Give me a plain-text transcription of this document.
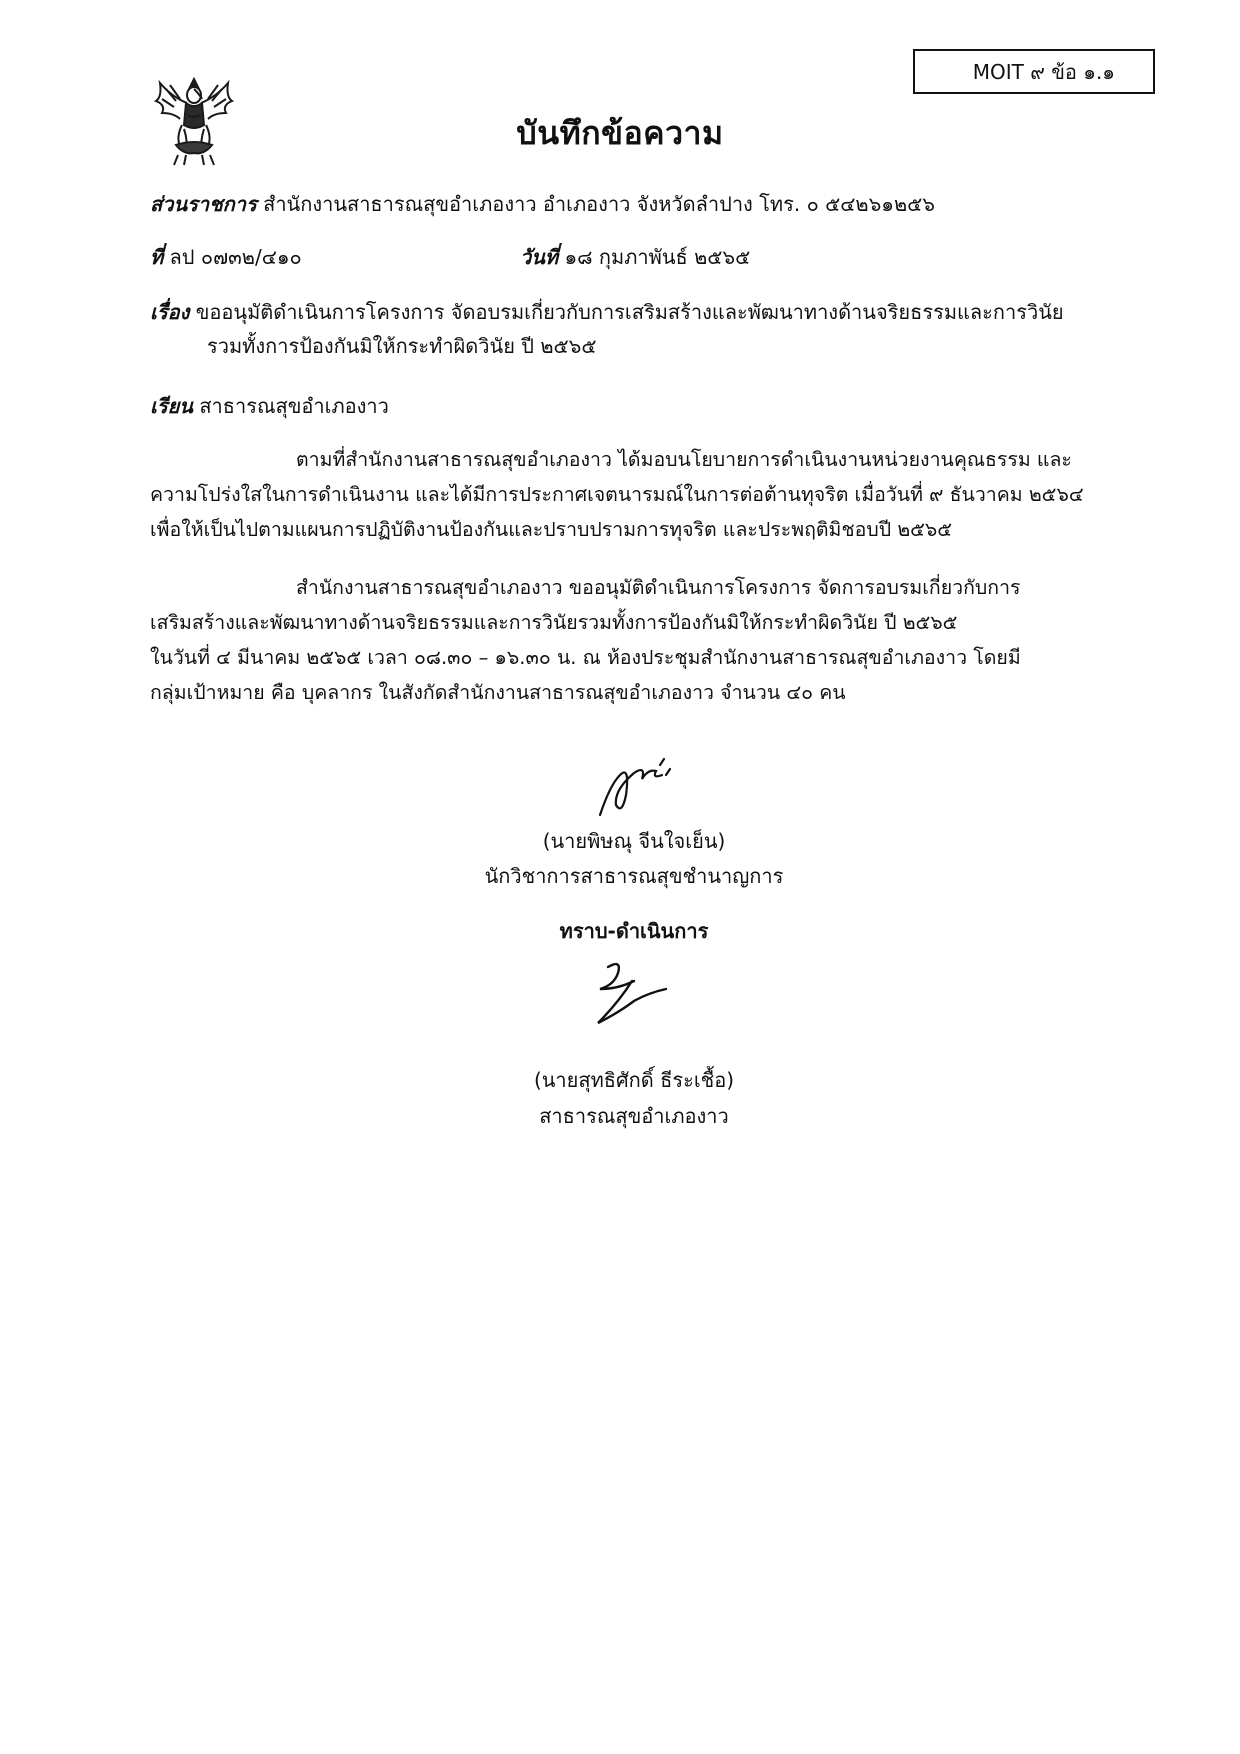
MOIT ๙ ข้อ ๑.๑
บันทึกข้อความ
ส่วนราชการ สำนักงานสาธารณสุขอำเภองาว อำเภองาว จังหวัดลำปาง โทร. ๐ ๕๔๒๖๑๒๕๖
ที่ ลป ๐๗๓๒/๔๑๐	วันที่ ๑๘ กุมภาพันธ์ ๒๕๖๕
เรื่อง ขออนุมัติดำเนินการโครงการ จัดอบรมเกี่ยวกับการเสริมสร้างและพัฒนาทางด้านจริยธรรมและการวินัย
รวมทั้งการป้องกันมิให้กระทำผิดวินัย ปี ๒๕๖๕
เรียน สาธารณสุขอำเภองาว
ตามที่สำนักงานสาธารณสุขอำเภองาว ได้มอบนโยบายการดำเนินงานหน่วยงานคุณธรรม และ
ความโปร่งใสในการดำเนินงาน และได้มีการประกาศเจตนารมณ์ในการต่อต้านทุจริต เมื่อวันที่ ๙ ธันวาคม ๒๕๖๔
เพื่อให้เป็นไปตามแผนการปฏิบัติงานป้องกันและปราบปรามการทุจริต และประพฤติมิชอบปี ๒๕๖๕
สำนักงานสาธารณสุขอำเภองาว ขออนุมัติดำเนินการโครงการ จัดการอบรมเกี่ยวกับการ
เสริมสร้างและพัฒนาทางด้านจริยธรรมและการวินัยรวมทั้งการป้องกันมิให้กระทำผิดวินัย ปี ๒๕๖๕
ในวันที่ ๔ มีนาคม ๒๕๖๕ เวลา ๐๘.๓๐ – ๑๖.๓๐ น. ณ ห้องประชุมสำนักงานสาธารณสุขอำเภองาว โดยมี
กลุ่มเป้าหมาย คือ บุคลากร ในสังกัดสำนักงานสาธารณสุขอำเภองาว จำนวน ๔๐ คน
(นายพิษณุ จีนใจเย็น)
นักวิชาการสาธารณสุขชำนาญการ
ทราบ-ดำเนินการ
(นายสุทธิศักดิ์ ธีระเชื้อ)
สาธารณสุขอำเภองาว
